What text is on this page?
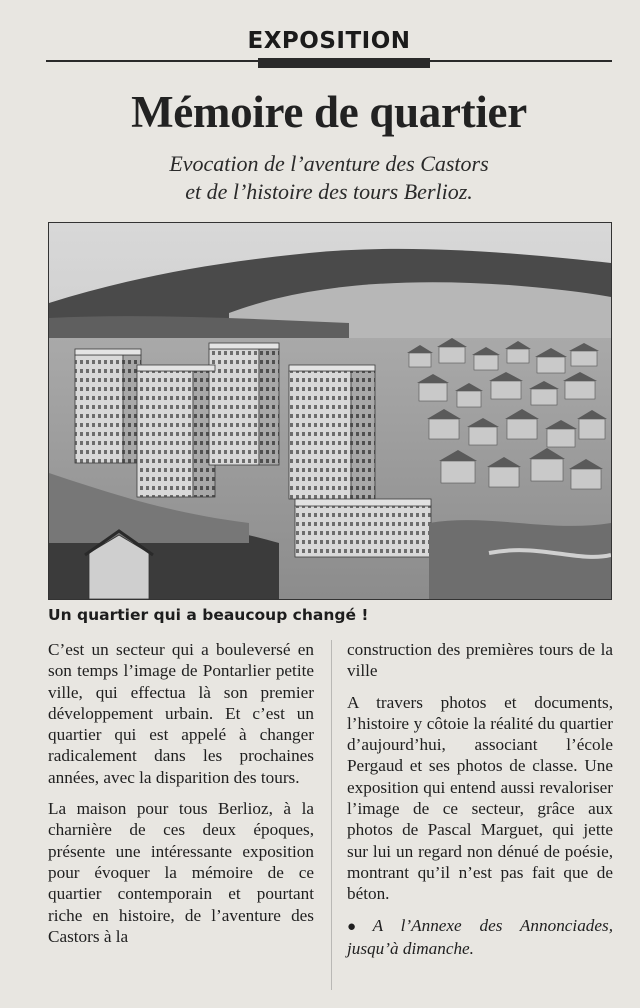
EXPOSITION
Mémoire de quartier
Evocation de l’aventure des Castors
et de l’histoire des tours Berlioz.
Un quartier qui a beaucoup changé !

C’est un secteur qui a bouleversé en son temps l’image de Pontarlier petite ville, qui effectua là son premier développement urbain. Et c’est un quartier qui est appelé à changer radicalement dans les prochaines années, avec la disparition des tours.

La maison pour tous Berlioz, à la charnière de ces deux époques, présente une intéressante exposition pour évoquer la mémoire de ce quartier contemporain et pourtant riche en histoire, de l’aventure des Castors à la

construction des premières tours de la ville

A travers photos et documents, l’histoire y côtoie la réalité du quartier d’aujourd’hui, associant l’école Pergaud et ses photos de classe. Une exposition qui entend aussi revaloriser l’image de ce secteur, grâce aux photos de Pascal Marguet, qui jette sur lui un regard non dénué de poésie, montrant qu’il n’est pas fait que de béton.

● A l’Annexe des Annonciades, jusqu’à dimanche.
